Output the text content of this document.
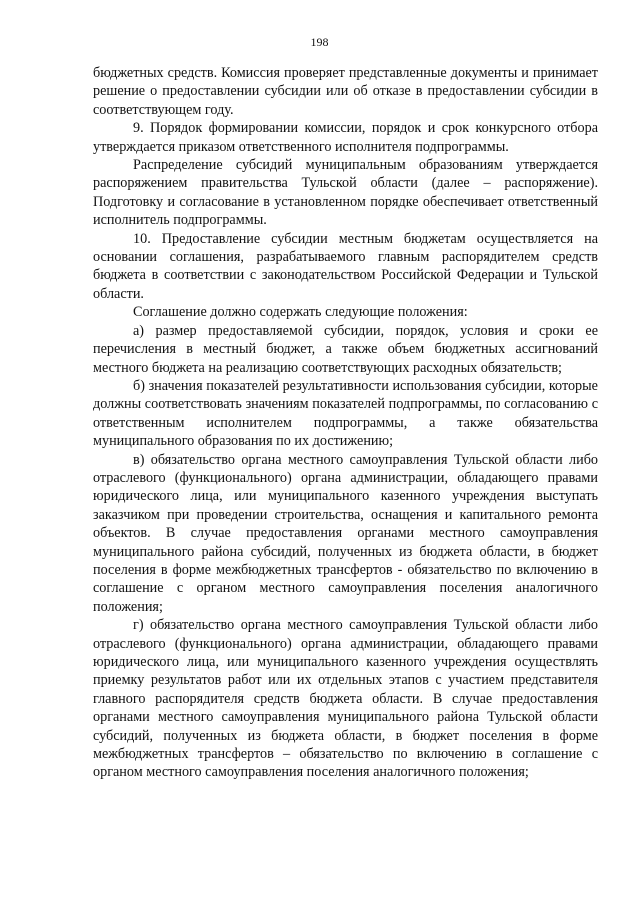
198

бюджетных средств. Комиссия проверяет представленные документы и принимает решение о предоставлении субсидии или об отказе в предоставлении субсидии в соответствующем году.

9. Порядок формировании комиссии, порядок и срок конкурсного отбора утверждается приказом ответственного исполнителя подпрограммы.

Распределение субсидий муниципальным образованиям утверждается распоряжением правительства Тульской области (далее – распоряжение). Подготовку и согласование в установленном порядке обеспечивает ответственный исполнитель подпрограммы.

10. Предоставление субсидии местным бюджетам осуществляется на основании соглашения, разрабатываемого главным распорядителем средств бюджета в соответствии с законодательством Российской Федерации и Тульской области.

Соглашение должно содержать следующие положения:

а) размер предоставляемой субсидии, порядок, условия и сроки ее перечисления в местный бюджет, а также объем бюджетных ассигнований местного бюджета на реализацию соответствующих расходных обязательств;

б) значения показателей результативности использования субсидии, которые должны соответствовать значениям показателей подпрограммы, по согласованию с ответственным исполнителем подпрограммы, а также обязательства муниципального образования по их достижению;

в) обязательство органа местного самоуправления Тульской области либо отраслевого (функционального) органа администрации, обладающего правами юридического лица, или муниципального казенного учреждения выступать заказчиком при проведении строительства, оснащения и капитального ремонта объектов. В случае предоставления органами местного самоуправления муниципального района субсидий, полученных из бюджета области, в бюджет поселения в форме межбюджетных трансфертов - обязательство по включению в соглашение с органом местного самоуправления поселения аналогичного положения;

г) обязательство органа местного самоуправления Тульской области либо отраслевого (функционального) органа администрации, обладающего правами юридического лица, или муниципального казенного учреждения осуществлять приемку результатов работ или их отдельных этапов с участием представителя главного распорядителя средств бюджета области. В случае предоставления органами местного самоуправления муниципального района Тульской области субсидий, полученных из бюджета области, в бюджет поселения в форме межбюджетных трансфертов – обязательство по включению в соглашение с органом местного самоуправления поселения аналогичного положения;
